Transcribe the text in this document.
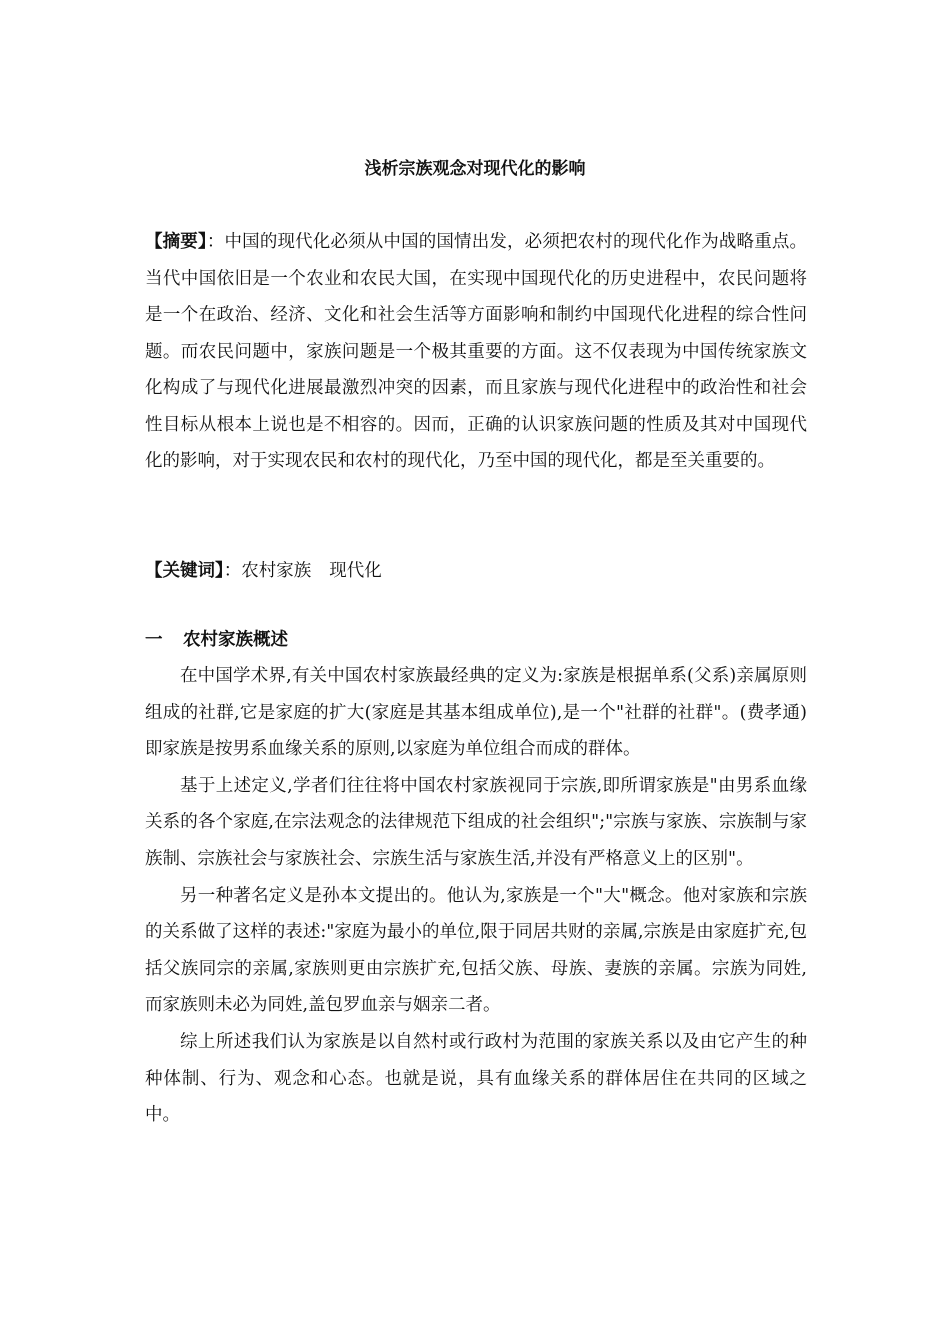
浅析宗族观念对现代化的影响

【摘要】：中国的现代化必须从中国的国情出发，必须把农村的现代化作为战略重点。当代中国依旧是一个农业和农民大国，在实现中国现代化的历史进程中，农民问题将是一个在政治、经济、文化和社会生活等方面影响和制约中国现代化进程的综合性问题。而农民问题中，家族问题是一个极其重要的方面。这不仅表现为中国传统家族文化构成了与现代化进展最激烈冲突的因素，而且家族与现代化进程中的政治性和社会性目标从根本上说也是不相容的。因而，正确的认识家族问题的性质及其对中国现代化的影响，对于实现农民和农村的现代化，乃至中国的现代化，都是至关重要的。

【关键词】：农村家族 现代化

一 农村家族概述

在中国学术界,有关中国农村家族最经典的定义为:家族是根据单系(父系)亲属原则组成的社群,它是家庭的扩大(家庭是其基本组成单位),是一个"社群的社群"。(费孝通)即家族是按男系血缘关系的原则,以家庭为单位组合而成的群体。

基于上述定义,学者们往往将中国农村家族视同于宗族,即所谓家族是"由男系血缘关系的各个家庭,在宗法观念的法律规范下组成的社会组织";"宗族与家族、宗族制与家族制、宗族社会与家族社会、宗族生活与家族生活,并没有严格意义上的区别"。

另一种著名定义是孙本文提出的。他认为,家族是一个"大"概念。他对家族和宗族的关系做了这样的表述:"家庭为最小的单位,限于同居共财的亲属,宗族是由家庭扩充,包括父族同宗的亲属,家族则更由宗族扩充,包括父族、母族、妻族的亲属。宗族为同姓,而家族则未必为同姓,盖包罗血亲与姻亲二者。

综上所述我们认为家族是以自然村或行政村为范围的家族关系以及由它产生的种种体制、行为、观念和心态。也就是说，具有血缘关系的群体居住在共同的区域之中。
